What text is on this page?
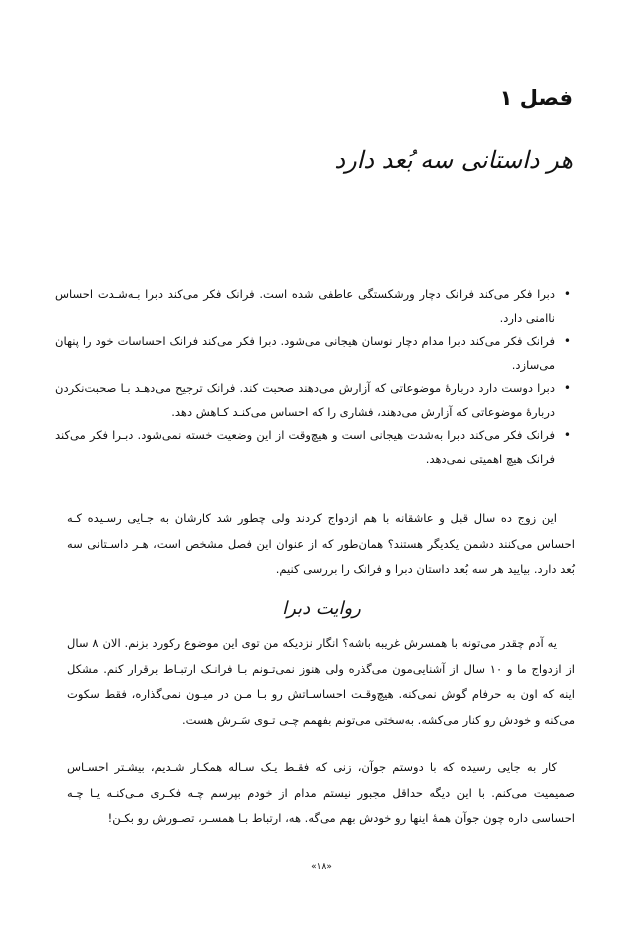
فصل ۱
هر داستانی سه بُعد دارد
•
دبرا فکر می‌کند فرانک دچار ورشکستگی عاطفی شده است. فرانک فکر می‌کند دبرا بـه‌شـدت احساس ناامنی دارد.
•
فرانک فکر می‌کند دبرا مدام دچار نوسان هیجانی می‌شود. دبرا فکر می‌کند فرانک احساسات خود را پنهان می‌سازد.
•
دبرا دوست دارد دربارهٔ موضوعاتی که آزارش می‌دهند صحبت کند. فرانک ترجیح می‌دهـد بـا صحبت‌نکردن دربارهٔ موضوعاتی که آزارش می‌دهند، فشاری را که احساس می‌کنـد کـاهش دهد.
•
فرانک فکر می‌کند دبرا به‌شدت هیجانی است و هیچ‌وقت از این وضعیت خسته نمی‌شود. دبـرا فکر می‌کند فرانک هیچ اهمیتی نمی‌دهد.

این زوج ده سال قبل و عاشقانه با هم ازدواج کردند ولی چطور شد کارشان به جـایی رسـیده کـه احساس می‌کنند دشمن یکدیگر هستند؟ همان‌طور که از عنوان این فصل مشخص است، هـر داسـتانی سه بُعد دارد. بیایید هر سه بُعد داستان دبرا و فرانک را بررسی کنیم.

روایت دبرا

یه آدم چقدر می‌تونه با همسرش غریبه باشه؟ انگار نزدیکه من توی این موضوع رکورد بزنم. الان ۸ سال از ازدواج ما و ۱۰ سال از آشنایی‌مون می‌گذره ولی هنوز نمی‌تـونم بـا فرانـک ارتبـاط برقرار کنم. مشکل اینه که اون به حرفام گوش نمی‌کنه. هیچ‌وقـت احساسـاتش رو بـا مـن در میـون نمی‌گذاره، فقط سکوت می‌کنه و خودش رو کنار می‌کشه. به‌سختی می‌تونم بفهمم چـی تـوی سَـرش هست.

کار به جایی رسیده که با دوستم جوآن، زنی که فقـط یـک سـاله همکـار شـدیم، بیشـتر احسـاس صمیمیت می‌کنم. با این دیگه حداقل مجبور نیستم مدام از خودم بپرسم چـه فکـری مـی‌کنـه یـا چـه احساسی داره چون جوآن همهٔ اینها رو خودش بهم می‌گه. هه، ارتباط بـا همسـر، تصـورش رو بکـن!

«۱۸»
